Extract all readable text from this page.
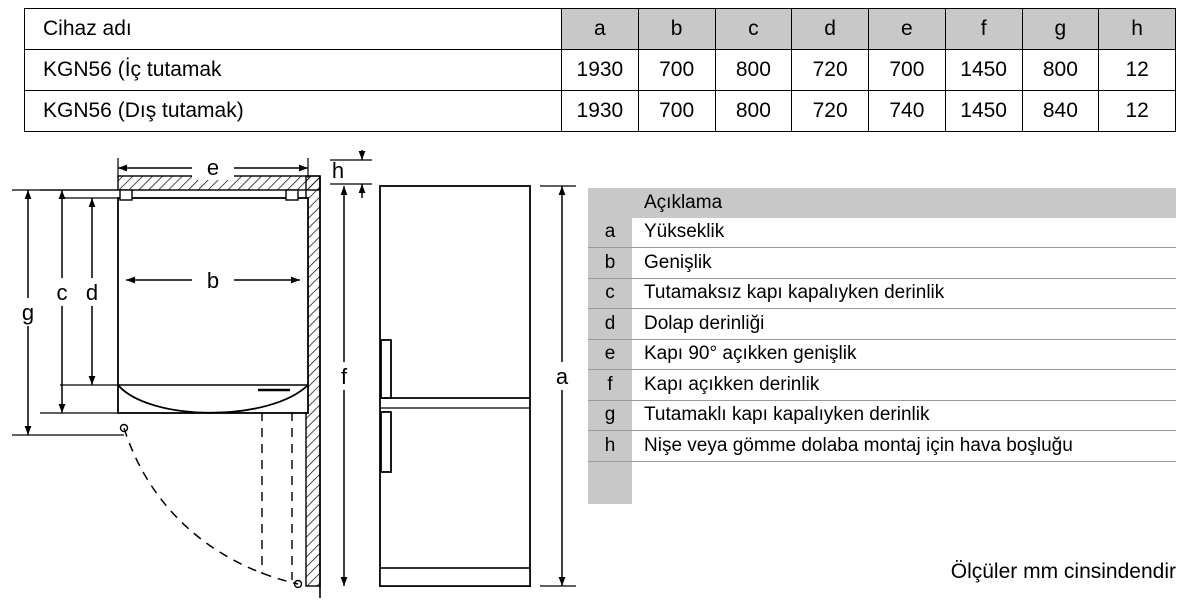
Cihaz adı	a	b	c	d	e	f	g	h
KGN56 (İç tutamak	1930	700	800	720	700	1450	800	12
KGN56 (Dış tutamak)	1930	700	800	720	740	1450	840	12
Açıklama
a	Yükseklik
b	Genişlik
c	Tutamaksız kapı kapalıyken derinlik
d	Dolap derinliği
e	Kapı 90° açıkken genişlik
f	Kapı açıkken derinlik
g	Tutamaklı kapı kapalıyken derinlik
h	Nişe veya gömme dolaba montaj için hava boşluğu
Ölçüler mm cinsindendir
e	h
b
d
c
g
f	a
